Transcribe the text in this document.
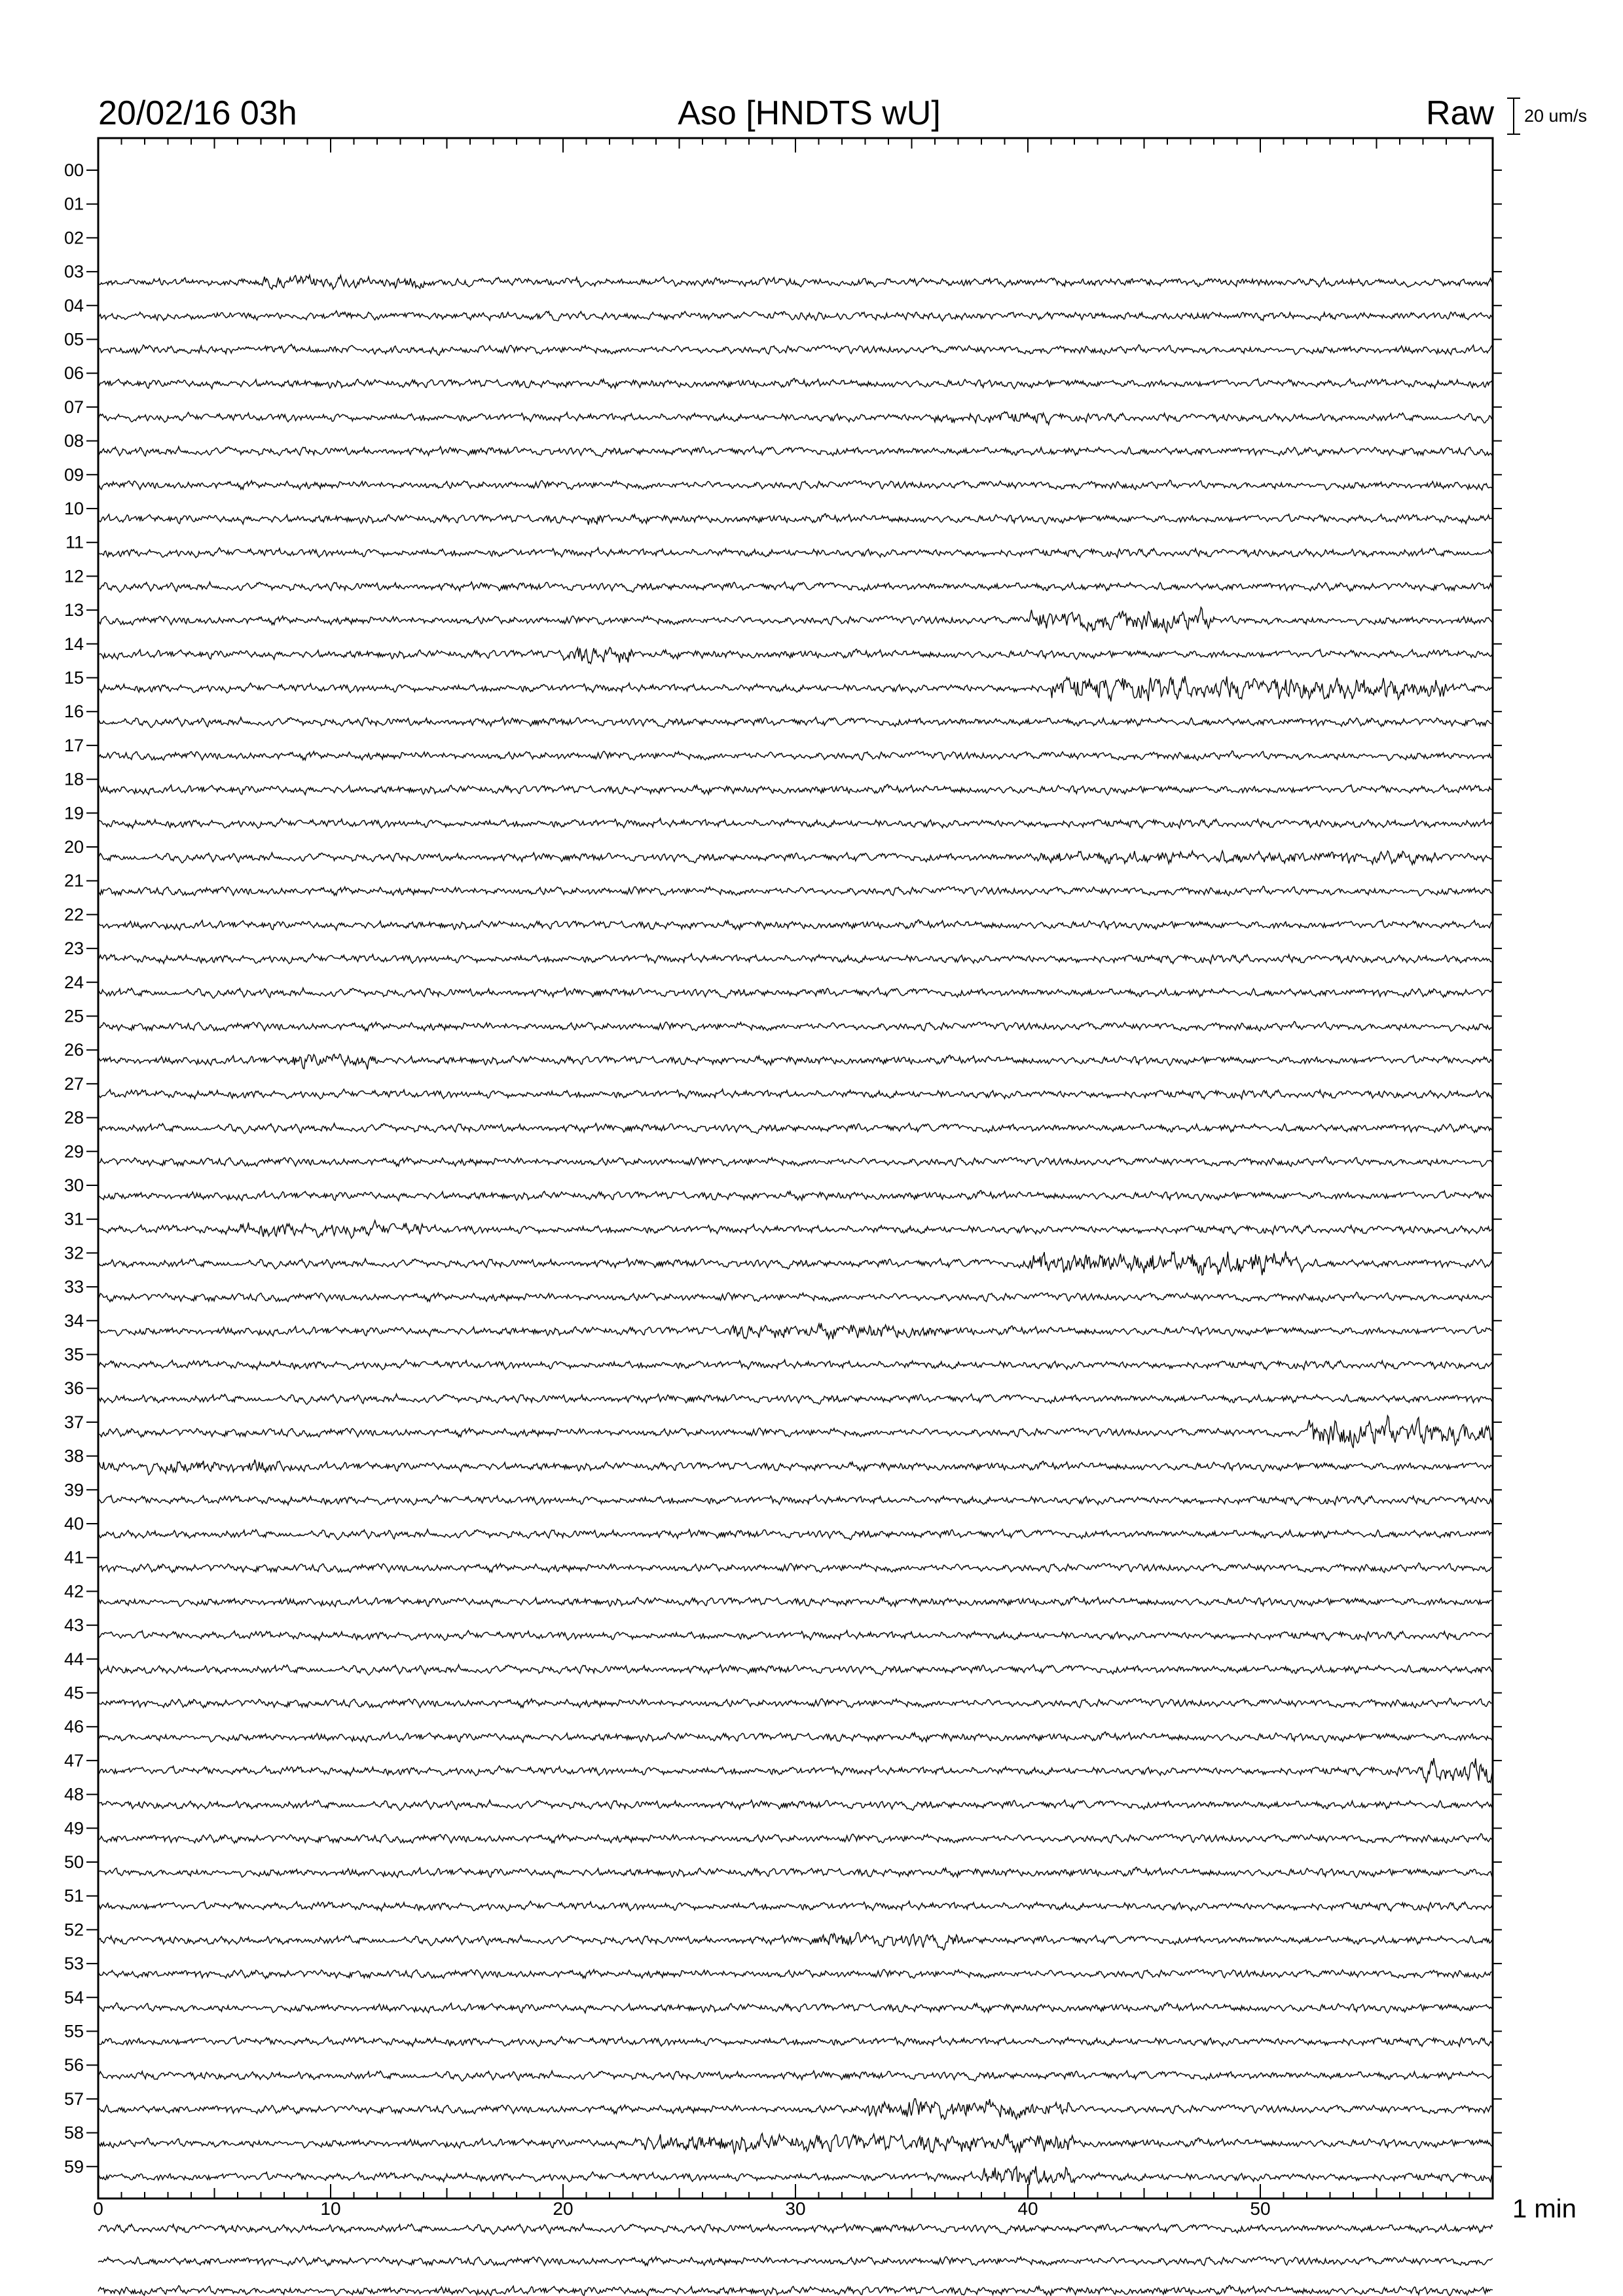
20/02/16 03h	Aso [HNDTS wU]	Raw 20 um/s
00
01
02
03
04
05
06
07
08
09
10
11
12
13
14
15
16
17
18
19
20
21
22
23
24
25
26
27
28
29
30
31
32
33
34
35
36
37
38
39
40
41
42
43
44
45
46
47
48
49
50
51
52
53
54
55
56
57
58
59
0	10	20	30	40	50	1 min
